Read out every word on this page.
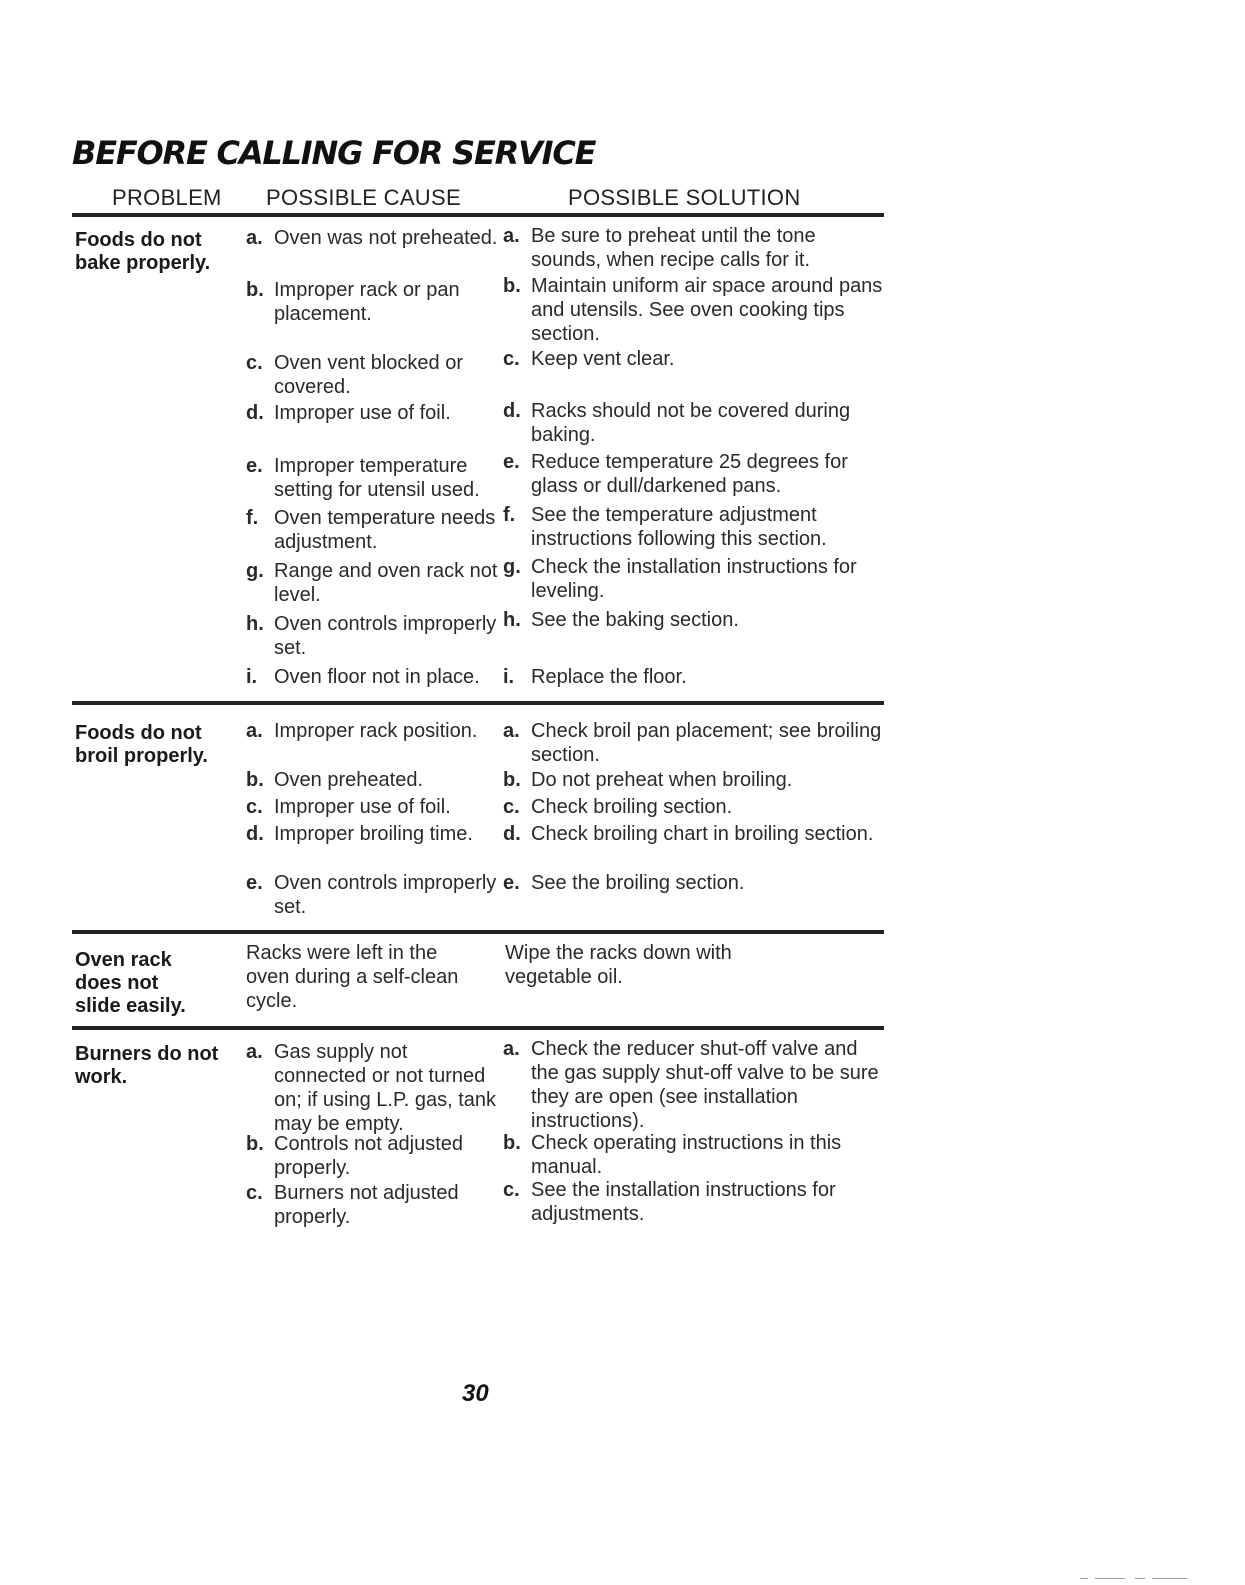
BEFORE CALLING FOR SERVICE
PROBLEM POSSIBLE CAUSE	POSSIBLE SOLUTION
Foods do not bake properly.
a. Oven was not preheated.
b. Improper rack or pan placement.
c. Oven vent blocked or covered.
d. Improper use of foil.
e. Improper temperature setting for utensil used.
f. Oven temperature needs adjustment.
g. Range and oven rack not level.
h. Oven controls improperly set.
i. Oven floor not in place.
a. Be sure to preheat until the tone sounds, when recipe calls for it.
b. Maintain uniform air space around pans and utensils. See oven cooking tips section.
c. Keep vent clear.
d. Racks should not be covered during baking.
e. Reduce temperature 25 degrees for glass or dull/darkened pans.
f. See the temperature adjustment instructions following this section.
g. Check the installation instructions for leveling.
h. See the baking section.
i. Replace the floor.
Foods do not broil properly.
a. Improper rack position.
b. Oven preheated.
c. Improper use of foil.
d. Improper broiling time.
e. Oven controls improperly set.
a. Check broil pan placement; see broiling section.
b. Do not preheat when broiling.
c. Check broiling section.
d. Check broiling chart in broiling section.
e. See the broiling section.
Oven rack does not slide easily.
Racks were left in the oven during a self-clean cycle.
Wipe the racks down with vegetable oil.
Burners do not work.
a. Gas supply not connected or not turned on; if using L.P. gas, tank may be empty.
b. Controls not adjusted properly.
c. Burners not adjusted properly.
a. Check the reducer shut-off valve and the gas supply shut-off valve to be sure they are open (see installation instructions).
b. Check operating instructions in this manual.
c. See the installation instructions for adjustments.
30
